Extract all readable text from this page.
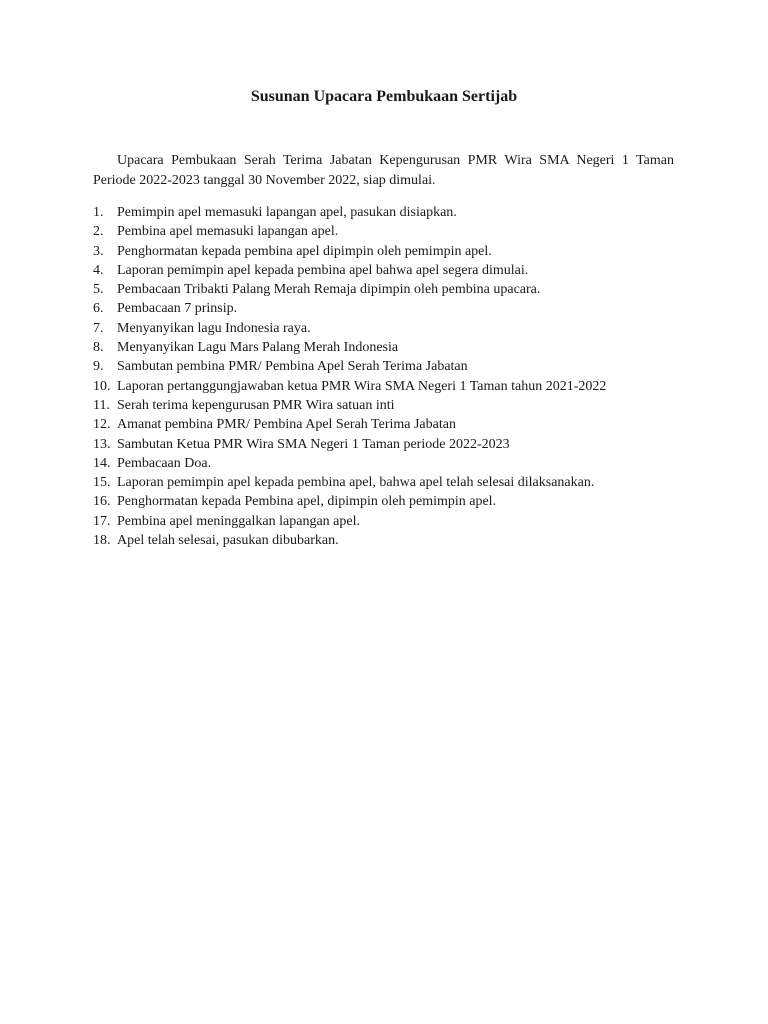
Susunan Upacara Pembukaan Sertijab

Upacara Pembukaan Serah Terima Jabatan Kepengurusan PMR Wira SMA Negeri 1 Taman Periode 2022-2023 tanggal 30 November 2022, siap dimulai.

1. Pemimpin apel memasuki lapangan apel, pasukan disiapkan.
2. Pembina apel memasuki lapangan apel.
3. Penghormatan kepada pembina apel dipimpin oleh pemimpin apel.
4. Laporan pemimpin apel kepada pembina apel bahwa apel segera dimulai.
5. Pembacaan Tribakti Palang Merah Remaja dipimpin oleh pembina upacara.
6. Pembacaan 7 prinsip.
7. Menyanyikan lagu Indonesia raya.
8. Menyanyikan Lagu Mars Palang Merah Indonesia
9. Sambutan pembina PMR/ Pembina Apel Serah Terima Jabatan
10. Laporan pertanggungjawaban ketua PMR Wira SMA Negeri 1 Taman tahun 2021-2022
11. Serah terima kepengurusan PMR Wira satuan inti
12. Amanat pembina PMR/ Pembina Apel Serah Terima Jabatan
13. Sambutan Ketua PMR Wira SMA Negeri 1 Taman periode 2022-2023
14. Pembacaan Doa.
15. Laporan pemimpin apel kepada pembina apel, bahwa apel telah selesai dilaksanakan.
16. Penghormatan kepada Pembina apel, dipimpin oleh pemimpin apel.
17. Pembina apel meninggalkan lapangan apel.
18. Apel telah selesai, pasukan dibubarkan.
